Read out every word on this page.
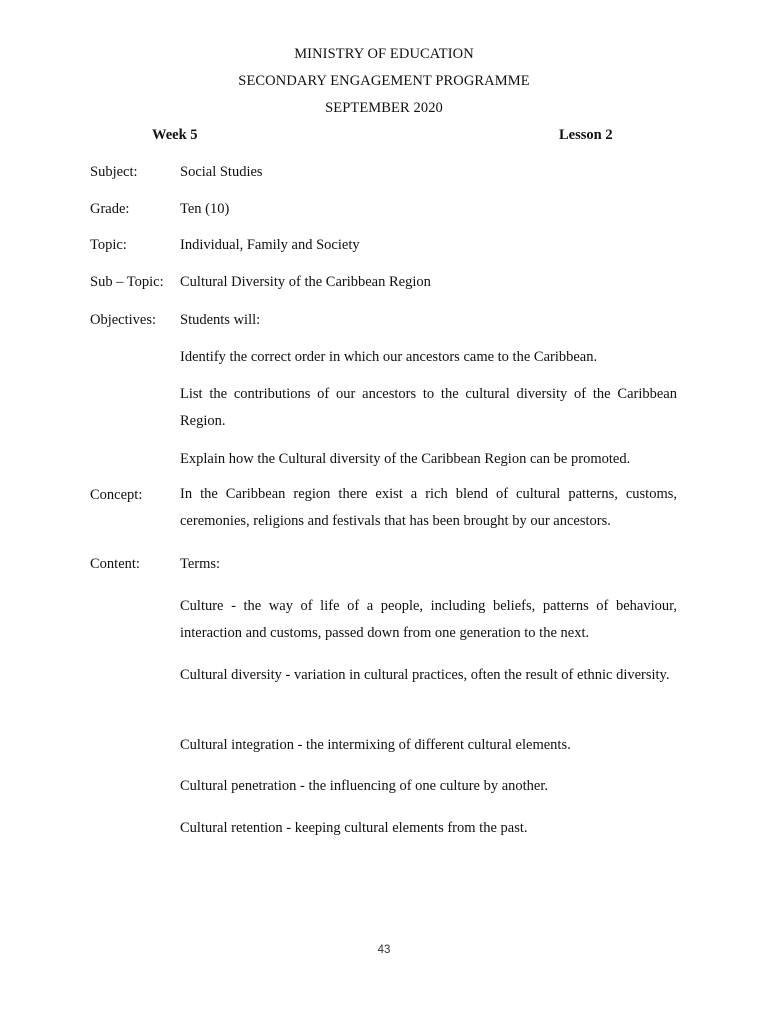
MINISTRY OF EDUCATION
SECONDARY ENGAGEMENT PROGRAMME
SEPTEMBER 2020
Week 5	Lesson 2
Subject:	Social Studies
Grade:	Ten (10)
Topic:	Individual, Family and Society
Sub – Topic: Cultural Diversity of the Caribbean Region
Objectives: Students will:
Identify the correct order in which our ancestors came to the Caribbean.
List the contributions of our ancestors to the cultural diversity of the Caribbean Region.
Explain how the Cultural diversity of the Caribbean Region can be promoted.
Concept:	In the Caribbean region there exist a rich blend of cultural patterns, customs, ceremonies, religions and festivals that has been brought by our ancestors.
Content:	Terms:
Culture - the way of life of a people, including beliefs, patterns of behaviour, interaction and customs, passed down from one generation to the next.
Cultural diversity - variation in cultural practices, often the result of ethnic diversity.
Cultural integration - the intermixing of different cultural elements.
Cultural penetration - the influencing of one culture by another.
Cultural retention - keeping cultural elements from the past.
43
